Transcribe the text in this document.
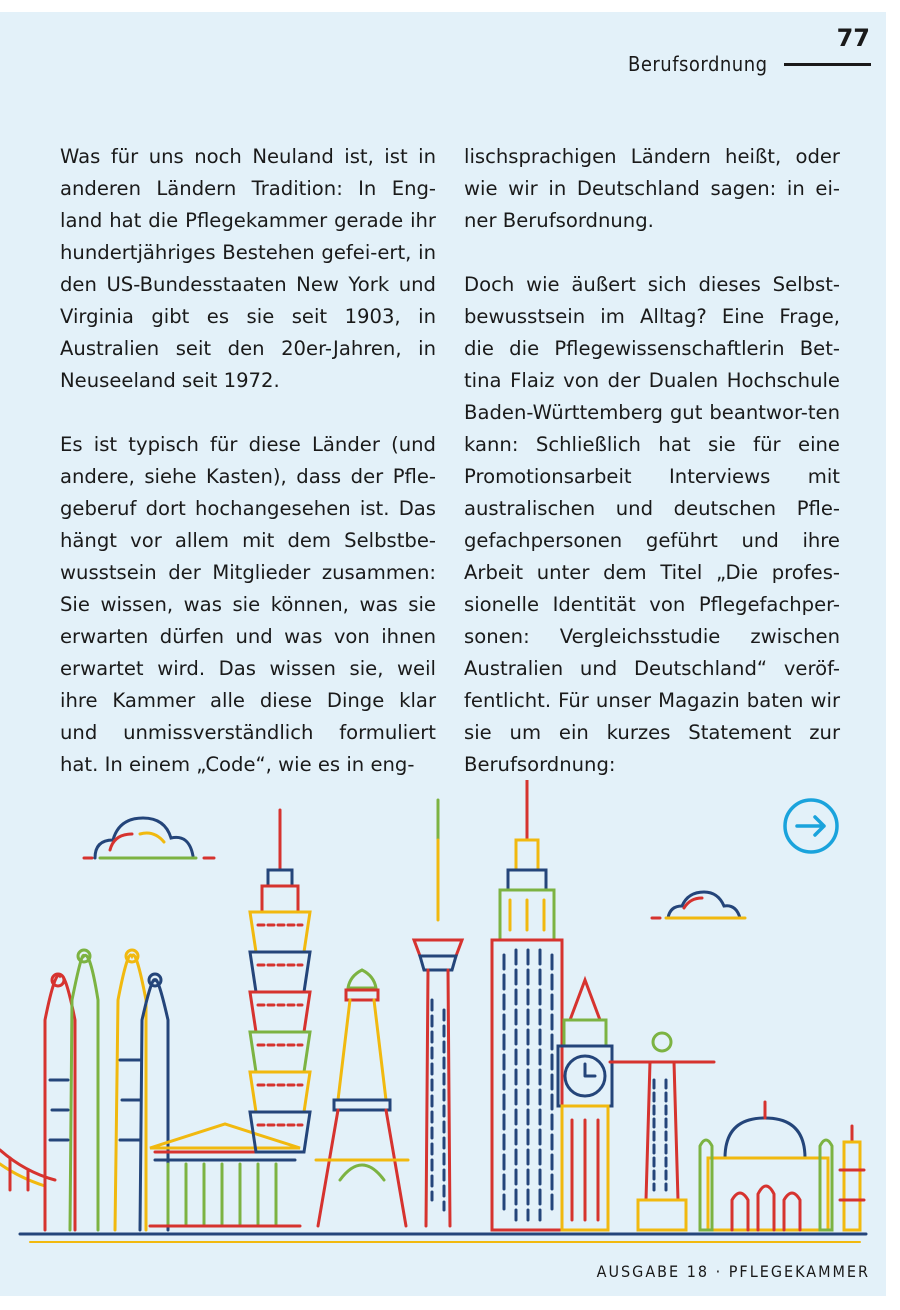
77
Berufsordnung

Was für uns noch Neuland ist, ist in anderen Ländern Tradition: In Eng-land hat die Pflegekammer gerade ihr hundertjähriges Bestehen gefei-ert, in den US-Bundesstaaten New York und Virginia gibt es sie seit 1903, in Australien seit den 20er-Jahren, in Neuseeland seit 1972.

Es ist typisch für diese Länder (und andere, siehe Kasten), dass der Pfle-geberuf dort hochangesehen ist. Das hängt vor allem mit dem Selbstbe-wusstsein der Mitglieder zusammen: Sie wissen, was sie können, was sie erwarten dürfen und was von ihnen erwartet wird. Das wissen sie, weil ihre Kammer alle diese Dinge klar und unmissverständlich formuliert hat. In einem „Code“, wie es in eng-

lischsprachigen Ländern heißt, oder wie wir in Deutschland sagen: in ei-ner Berufsordnung.

Doch wie äußert sich dieses Selbst-bewusstsein im Alltag? Eine Frage, die die Pflegewissenschaftlerin Bet-tina Flaiz von der Dualen Hochschule Baden-Württemberg gut beantwor-ten kann: Schließlich hat sie für eine Promotionsarbeit Interviews mit australischen und deutschen Pfle-gefachpersonen geführt und ihre Arbeit unter dem Titel „Die profes-sionelle Identität von Pflegefachper-sonen: Vergleichsstudie zwischen Australien und Deutschland“ veröf-fentlicht. Für unser Magazin baten wir sie um ein kurzes Statement zur Berufsordnung:

AUSGABE 18 · PFLEGEKAMMER
